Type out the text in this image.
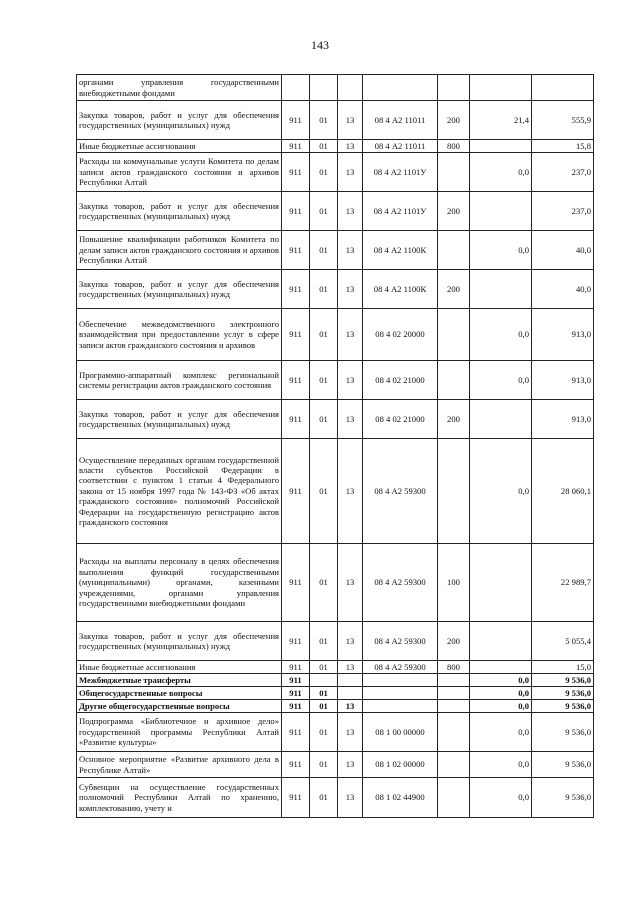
143
органами управления государственными внебюджетными фондами							
Закупка товаров, работ и услуг для обеспечения государственных (муниципальных) нужд	911	01	13	08 4 А2 11011	200	21,4	555,9
Иные бюджетные ассигнования	911	01	13	08 4 А2 11011	800		15,8
Расходы на коммунальные услуги Комитета по делам записи актов гражданского состояния и архивов Республики Алтай	911	01	13	08 4 А2 1101У		0,0	237,0
Закупка товаров, работ и услуг для обеспечения государственных (муниципальных) нужд	911	01	13	08 4 А2 1101У	200		237,0
Повышение квалификации работников Комитета по делам записи актов гражданского состояния и архивов Республики Алтай	911	01	13	08 4 А2 1100К		0,0	40,0
Закупка товаров, работ и услуг для обеспечения государственных (муниципальных) нужд	911	01	13	08 4 А2 1100К	200		40,0
Обеспечение межведомственного электронного взаимодействия при предоставлении услуг в сфере записи актов гражданского состояния и архивов	911	01	13	08 4 02 20000		0,0	913,0
Программно-аппаратный комплекс региональной системы регистрации актов гражданского состояния	911	01	13	08 4 02 21000		0,0	913,0
Закупка товаров, работ и услуг для обеспечения государственных (муниципальных) нужд	911	01	13	08 4 02 21000	200		913,0
Осуществление переданных органам государственной власти субъектов Российской Федерации в соответствии с пунктом 1 статьи 4 Федерального закона от 15 ноября 1997 года № 143-ФЗ «Об актах гражданского состояния» полномочий Российской Федерации на государственную регистрацию актов гражданского состояния	911	01	13	08 4 А2 59300		0,0	28 060,1
Расходы на выплаты персоналу в целях обеспечения выполнения функций государственными (муниципальными) органами, казенными учреждениями, органами управления государственными внебюджетными фондами	911	01	13	08 4 А2 59300	100		22 989,7
Закупка товаров, работ и услуг для обеспечения государственных (муниципальных) нужд	911	01	13	08 4 А2 59300	200		5 055,4
Иные бюджетные ассигнования	911	01	13	08 4 А2 59300	800		15,0
Межбюджетные трансферты	911					0,0	9 536,0
Общегосударственные вопросы	911	01				0,0	9 536,0
Другие общегосударственные вопросы	911	01	13			0,0	9 536,0
Подпрограмма «Библиотечное и архивное дело» государственной программы Республики Алтай «Развитие культуры»	911	01	13	08 1 00 00000		0,0	9 536,0
Основное мероприятие «Развитие архивного дела в Республике Алтай»	911	01	13	08 1 02 00000		0,0	9 536,0
Субвенции на осуществление государственных полномочий Республики Алтай по хранению, комплектованию, учету и	911	01	13	08 1 02 44900		0,0	9 536,0
